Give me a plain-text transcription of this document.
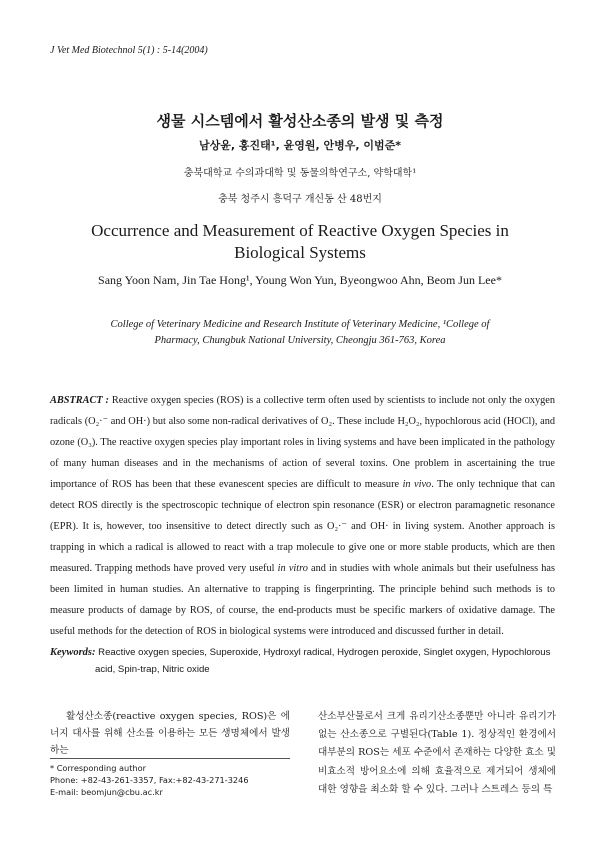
J Vet Med Biotechnol 5(1) : 5-14(2004)
생물 시스템에서 활성산소종의 발생 및 측정
남상윤, 홍진태¹, 윤영원, 안병우, 이범준*
충북대학교 수의과대학 및 동물의학연구소, 약학대학¹
충북 청주시 흥덕구 개신동 산 48번지
Occurrence and Measurement of Reactive Oxygen Species in Biological Systems
Sang Yoon Nam, Jin Tae Hong¹, Young Won Yun, Byeongwoo Ahn, Beom Jun Lee*
College of Veterinary Medicine and Research Institute of Veterinary Medicine, ¹College of Pharmacy, Chungbuk National University, Cheongju 361-763, Korea

ABSTRACT : Reactive oxygen species (ROS) is a collective term often used by scientists to include not only the oxygen radicals (O₂·⁻ and OH·) but also some non-radical derivatives of O₂. These include H₂O₂, hypochlorous acid (HOCl), and ozone (O₃). The reactive oxygen species play important roles in living systems and have been implicated in the pathology of many human diseases and in the mechanisms of action of several toxins. One problem in ascertaining the true importance of ROS has been that these evanescent species are difficult to measure in vivo. The only technique that can detect ROS directly is the spectroscopic technique of electron spin resonance (ESR) or electron paramagnetic resonance (EPR). It is, however, too insensitive to detect directly such as O₂·⁻ and OH· in living system. Another approach is trapping in which a radical is allowed to react with a trap molecule to give one or more stable products, which are then measured. Trapping methods have proved very useful in vitro and in studies with whole animals but their usefulness has been limited in human studies. An alternative to trapping is fingerprinting. The principle behind such methods is to measure products of damage by ROS, of course, the end-products must be specific markers of oxidative damage. The useful methods for the detection of ROS in biological systems were introduced and discussed further in detail.

Keywords: Reactive oxygen species, Superoxide, Hydroxyl radical, Hydrogen peroxide, Singlet oxygen, Hypochlorous
acid, Spin-trap, Nitric oxide

활성산소종(reactive oxygen species, ROS)은 에너지 대사를 위해 산소를 이용하는 모든 생명체에서 발생하는

산소부산물로서 크게 유리기산소종뿐만 아니라 유리기가 없는 산소종으로 구별된다(Table 1). 정상적인 환경에서 대부분의 ROS는 세포 수준에서 존재하는 다양한 효소 및 비효소적 방어요소에 의해 효율적으로 제거되어 생체에 대한 영향을 최소화 할 수 있다. 그러나 스트레스 등의 특

* Corresponding author
Phone: +82-43-261-3357, Fax:+82-43-271-3246
E-mail: beomjun@cbu.ac.kr
